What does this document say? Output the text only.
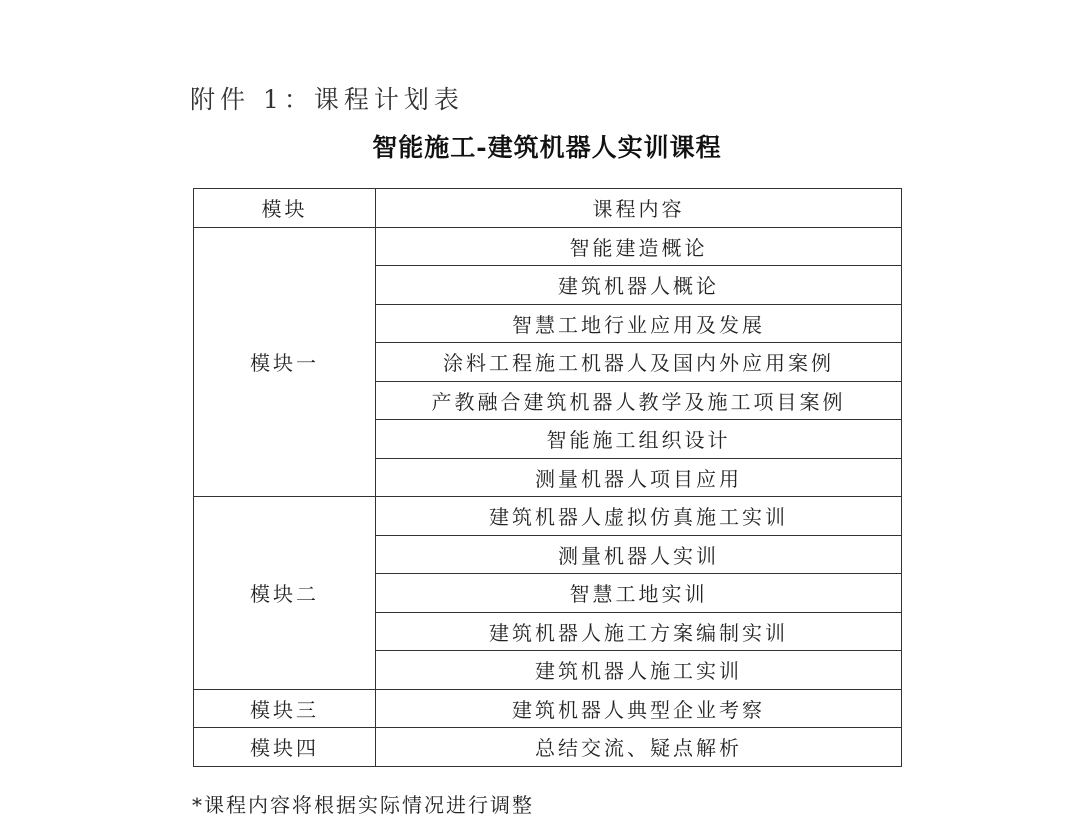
附件 1：课程计划表
智能施工-建筑机器人实训课程
模块	课程内容
模块一	智能建造概论
	建筑机器人概论
	智慧工地行业应用及发展
	涂料工程施工机器人及国内外应用案例
	产教融合建筑机器人教学及施工项目案例
	智能施工组织设计
	测量机器人项目应用
模块二	建筑机器人虚拟仿真施工实训
	测量机器人实训
	智慧工地实训
	建筑机器人施工方案编制实训
	建筑机器人施工实训
模块三	建筑机器人典型企业考察
模块四	总结交流、疑点解析
*课程内容将根据实际情况进行调整
